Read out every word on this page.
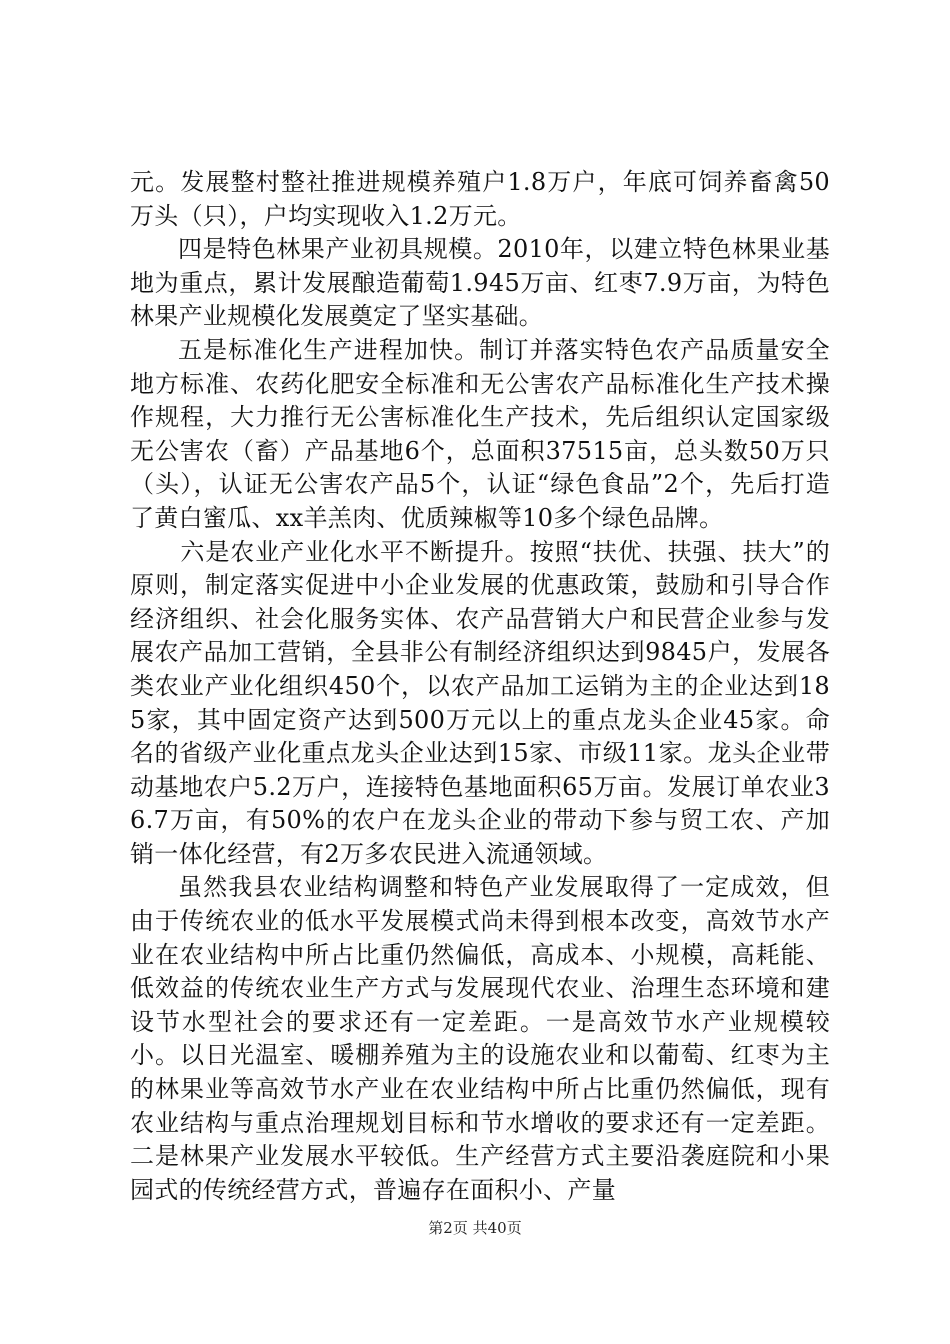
元。发展整村整社推进规模养殖户1.8万户，年底可饲养畜禽50万头（只），户均实现收入1.2万元。

四是特色林果产业初具规模。2010年，以建立特色林果业基地为重点，累计发展酿造葡萄1.945万亩、红枣7.9万亩，为特色林果产业规模化发展奠定了坚实基础。

五是标准化生产进程加快。制订并落实特色农产品质量安全地方标准、农药化肥安全标准和无公害农产品标准化生产技术操作规程，大力推行无公害标准化生产技术，先后组织认定国家级无公害农（畜）产品基地6个，总面积37515亩，总头数50万只（头），认证无公害农产品5个，认证“绿色食品”2个，先后打造了黄白蜜瓜、xx羊羔肉、优质辣椒等10多个绿色品牌。

六是农业产业化水平不断提升。按照“扶优、扶强、扶大”的原则，制定落实促进中小企业发展的优惠政策，鼓励和引导合作经济组织、社会化服务实体、农产品营销大户和民营企业参与发展农产品加工营销，全县非公有制经济组织达到9845户，发展各类农业产业化组织450个，以农产品加工运销为主的企业达到185家，其中固定资产达到500万元以上的重点龙头企业45家。命名的省级产业化重点龙头企业达到15家、市级11家。龙头企业带动基地农户5.2万户，连接特色基地面积65万亩。发展订单农业36.7万亩，有50%的农户在龙头企业的带动下参与贸工农、产加销一体化经营，有2万多农民进入流通领域。

虽然我县农业结构调整和特色产业发展取得了一定成效，但由于传统农业的低水平发展模式尚未得到根本改变，高效节水产业在农业结构中所占比重仍然偏低，高成本、小规模，高耗能、低效益的传统农业生产方式与发展现代农业、治理生态环境和建设节水型社会的要求还有一定差距。一是高效节水产业规模较小。以日光温室、暖棚养殖为主的设施农业和以葡萄、红枣为主的林果业等高效节水产业在农业结构中所占比重仍然偏低，现有农业结构与重点治理规划目标和节水增收的要求还有一定差距。二是林果产业发展水平较低。生产经营方式主要沿袭庭院和小果园式的传统经营方式，普遍存在面积小、产量

第2页 共40页
